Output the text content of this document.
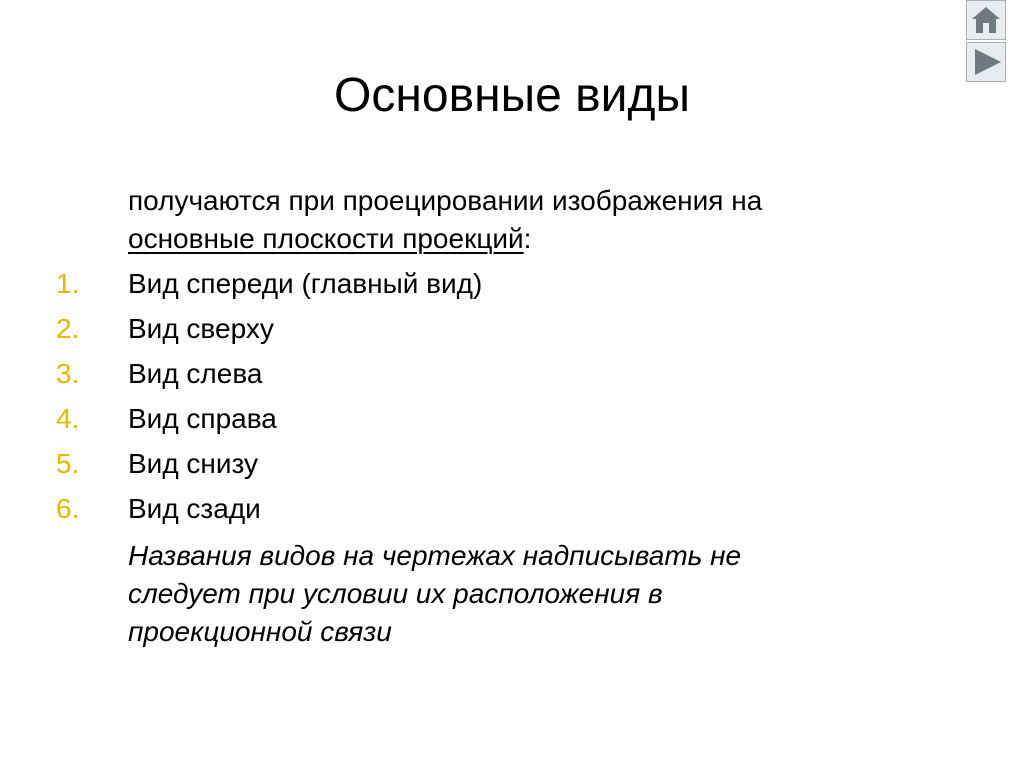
Основные виды

получаются при проецировании изображения на
основные плоскости проекций:

1. Вид спереди (главный вид)
2. Вид сверху
3. Вид слева
4. Вид справа
5. Вид снизу
6. Вид сзади

Названия видов на чертежах надписывать не
следует при условии их расположения в
проекционной связи
